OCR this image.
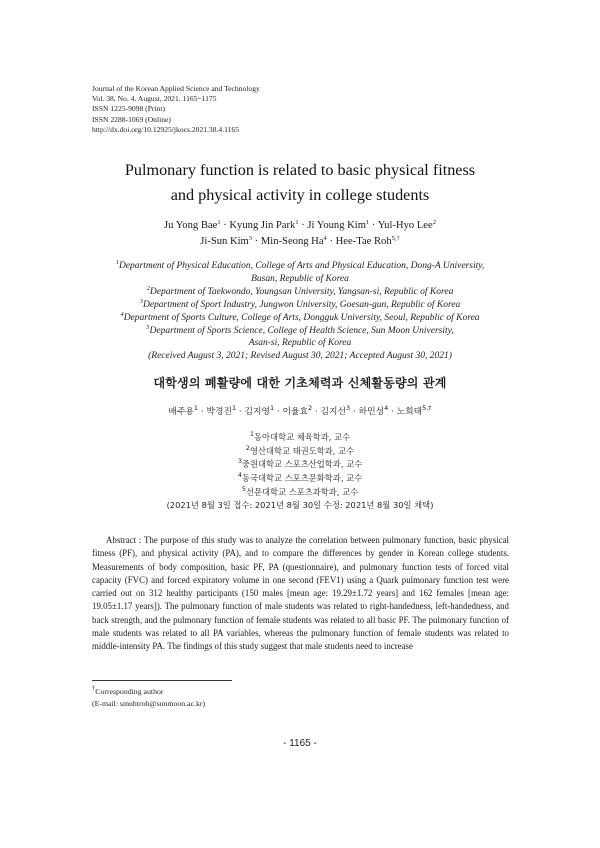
Journal of the Korean Applied Science and Technology
Vol. 38, No. 4. August, 2021. 1165~1175
ISSN 1225-9098 (Print)
ISSN 2288-1069 (Online)
http://dx.doi.org/10.12925/jkocs.2021.38.4.1165
Pulmonary function is related to basic physical fitness
and physical activity in college students
Ju Yong Bae$^1$ · Kyung Jin Park$^1$ · Ji Young Kim$^1$ · Yul-Hyo Lee$^2$
Ji-Sun Kim$^3$ · Min-Seong $Ha^4 \cdot Hee-Tae$ Roh$^{5,\dagger}$
$^1$Department of Physical Education, College of Arts and Physical Education, Dong-A University,
Busan, Republic of Korea
$^2$Department of Taekwondo, Youngsan University, Yangsan-si, Republic of Korea
$^3$Department of Sport Industry, Jungwon University, Goesan-gun, Republic of Korea
$^4$Department of Sports Culture, College of Arts, Dongguk University, Seoul, Republic of Korea
$^5$Department of Sports Science, College of Health Science, Sun Moon University,
Asan-si, Republic of Korea
(Received August 3, 2021; Revised August 30, 2021; Accepted August 30, 2021)
대학생의 폐활량에 대한 기초체력과 신체활동량의 관계
배주용$^1$ · 박경진$^1$ · 김지영$^1$ · 이율효$^2$ · 김지선$^3$ · 하민성$^4$ · 노희태$^{5,\dagger}$
$^1$동아대학교 체육학과, 교수
$^2$영산대학교 태권도학과, 교수
$^3$중원대학교 스포츠산업학과, 교수
$^4$동국대학교 스포츠문화학과, 교수
$^5$선문대학교 스포츠과학과, 교수
(2021년 8월 3일 접수: 2021년 8월 30일 수정: 2021년 8월 30일 채택)

Abstract : The purpose of this study was to analyze the correlation between pulmonary function, basic physical fitness (PF), and physical activity (PA), and to compare the differences by gender in Korean college students. Measurements of body composition, basic PF, PA (questionnaire), and pulmonary function tests of forced vital capacity (FVC) and forced expiratory volume in one second (FEV1) using a Quark pulmonary function test were carried out on 312 healthy participants (150 males [mean age: 19.29±1.72 years] and 162 females [mean age: 19.05±1.17 years]). The pulmonary function of male students was related to right-handedness, left-handedness, and back strength, and the pulmonary function of female students was related to all basic PF. The pulmonary function of male students was related to all PA variables, whereas the pulmonary function of female students was related to middle-intensity PA. The findings of this study suggest that male students need to increase

†Corresponding author
(E-mail: smuhtroh@sunmoon.ac.kr)
- 1165 -
